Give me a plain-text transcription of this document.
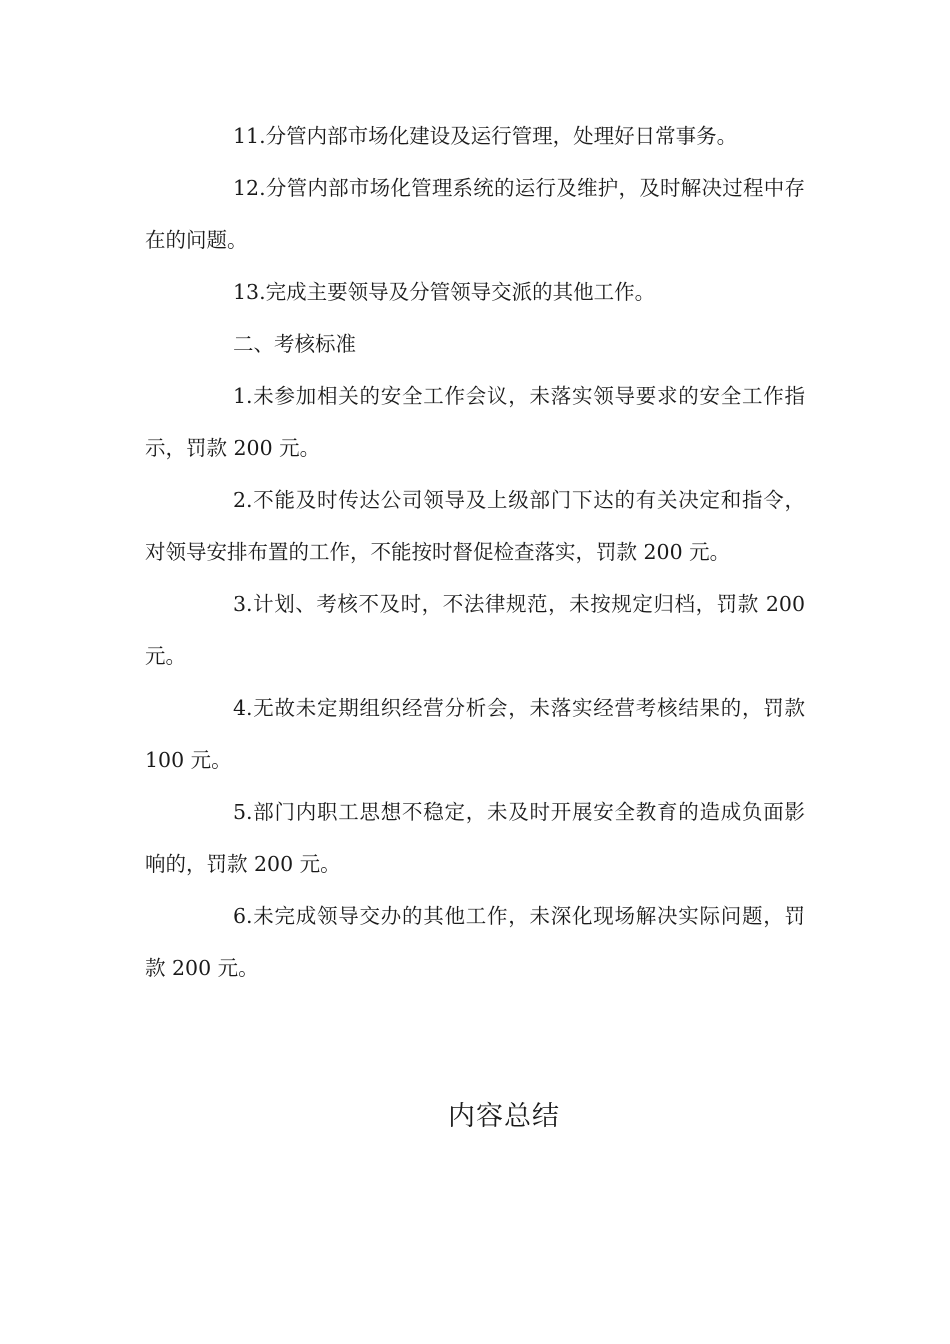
11.分管内部市场化建设及运行管理，处理好日常事务。

12.分管内部市场化管理系统的运行及维护，及时解决过程中存在的问题。

13.完成主要领导及分管领导交派的其他工作。

二、考核标准

1.未参加相关的安全工作会议，未落实领导要求的安全工作指示，罚款 200 元。

2.不能及时传达公司领导及上级部门下达的有关决定和指令，对领导安排布置的工作，不能按时督促检查落实，罚款 200 元。

3.计划、考核不及时，不法律规范，未按规定归档，罚款 200 元。

4.无故未定期组织经营分析会，未落实经营考核结果的，罚款 100 元。

5.部门内职工思想不稳定，未及时开展安全教育的造成负面影响的，罚款 200 元。

6.未完成领导交办的其他工作，未深化现场解决实际问题，罚款 200 元。

内容总结
